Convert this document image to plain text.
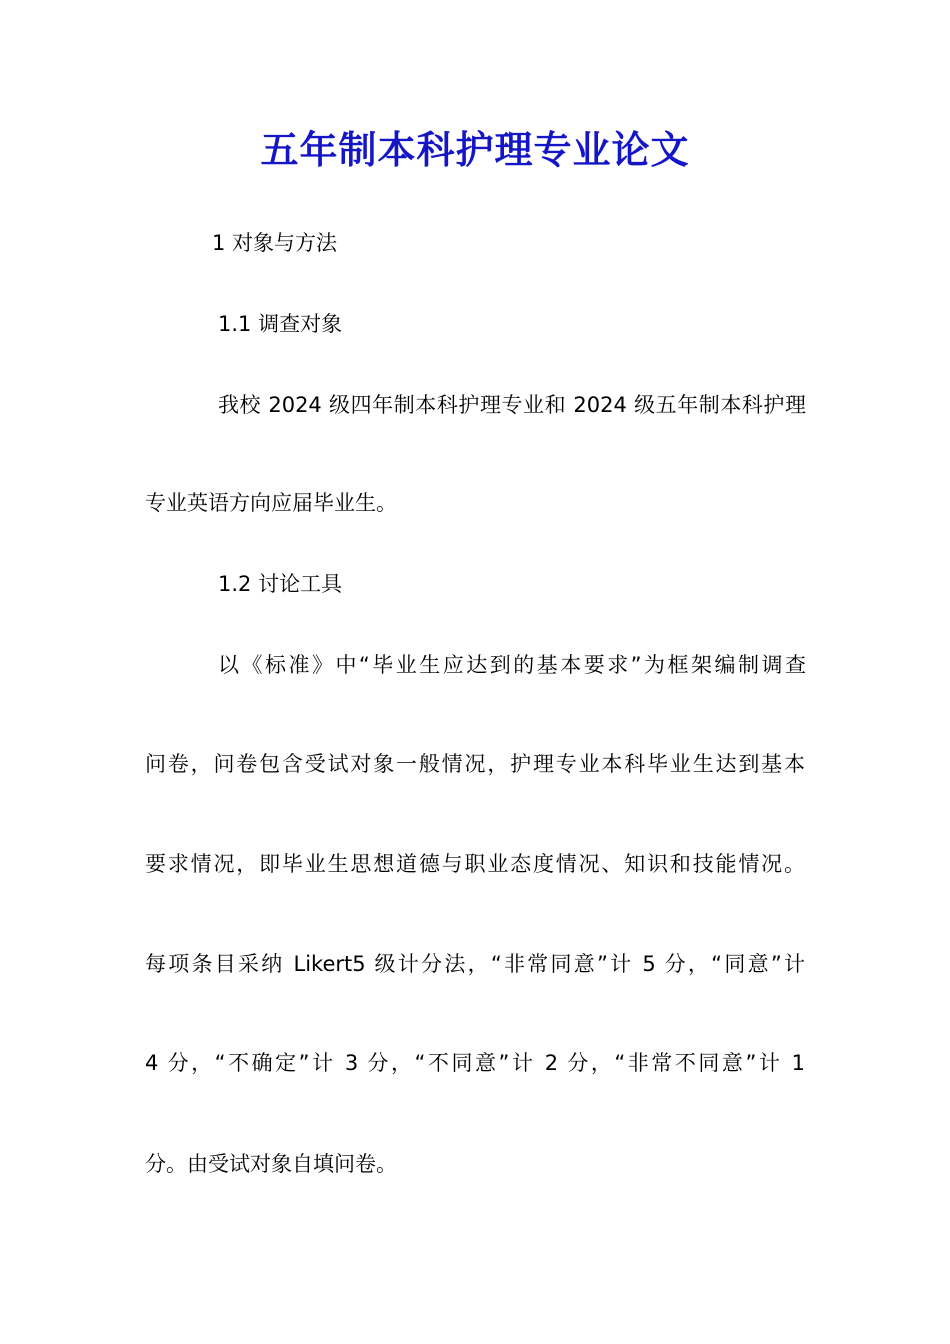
五年制本科护理专业论文
1 对象与方法
1.1 调查对象
我校 2024 级四年制本科护理专业和 2024 级五年制本科护理
专业英语方向应届毕业生。
1.2 讨论工具
以《标准》中“毕业生应达到的基本要求”为框架编制调查
问卷，问卷包含受试对象一般情况，护理专业本科毕业生达到基本
要求情况，即毕业生思想道德与职业态度情况、知识和技能情况。
每项条目采纳 Likert5 级计分法，“非常同意”计 5 分，“同意”计
4 分，“不确定”计 3 分，“不同意”计 2 分，“非常不同意”计 1
分。由受试对象自填问卷。
